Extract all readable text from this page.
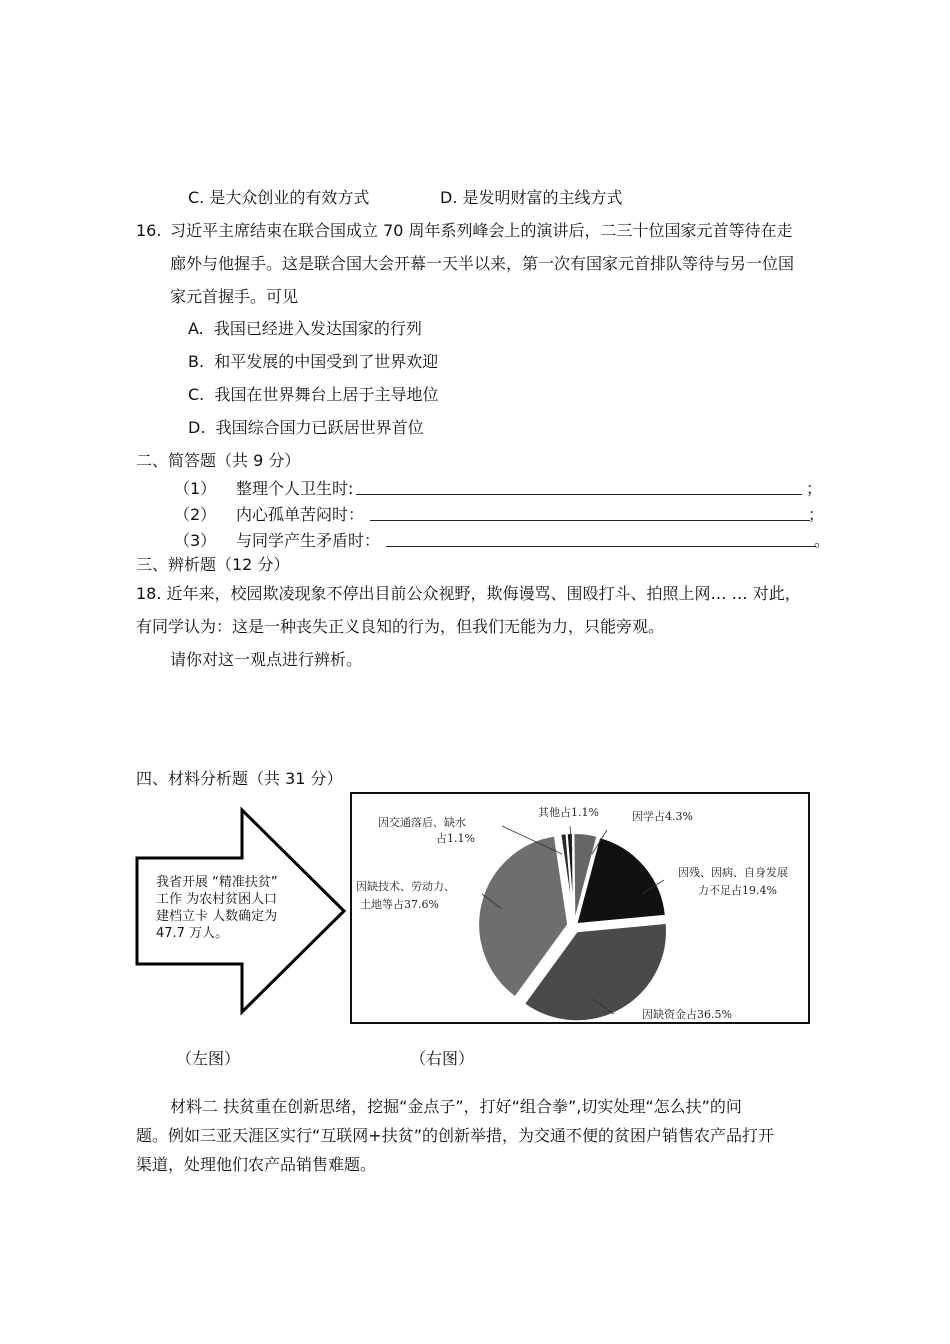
C. 是大众创业的有效方式	D. 是发明财富的主线方式
16. 习近平主席结束在联合国成立 70 周年系列峰会上的演讲后，二三十位国家元首等待在走
廊外与他握手。这是联合国大会开幕一天半以来，第一次有国家元首排队等待与另一位国
家元首握手。可见
A. 我国已经进入发达国家的行列
B. 和平发展的中国受到了世界欢迎
C. 我国在世界舞台上居于主导地位
D. 我国综合国力已跃居世界首位
二、简答题（共 9 分）
（1） 整理个人卫生时:	；
（2） 内心孤单苦闷时：	；
（3） 与同学产生矛盾时：	。
三、辨析题（12 分）
18. 近年来，校园欺凌现象不停出目前公众视野，欺侮谩骂、围殴打斗、拍照上网… … 对此，
有同学认为：这是一种丧失正义良知的行为，但我们无能为力，只能旁观。
请你对这一观点进行辨析。
四、材料分析题（共 31 分）
我省开展 “精准扶贫”
工作 为农村贫困人口
建档立卡 人数确定为
47.7 万人。
其他占1.1%	因学占4.3%
因残、因病、自身发展
力不足占19.4%
因缺资金占36.5%
因缺技术、劳动力、
土地等占37.6%
因交通落后、缺水
占1.1%
（左图）	（右图）
材料二 扶贫重在创新思绪，挖掘“金点子”，打好“组合拳”,切实处理“怎么扶”的问
题。例如三亚天涯区实行“互联网+扶贫”的创新举措，为交通不便的贫困户销售农产品打开
渠道，处理他们农产品销售难题。
